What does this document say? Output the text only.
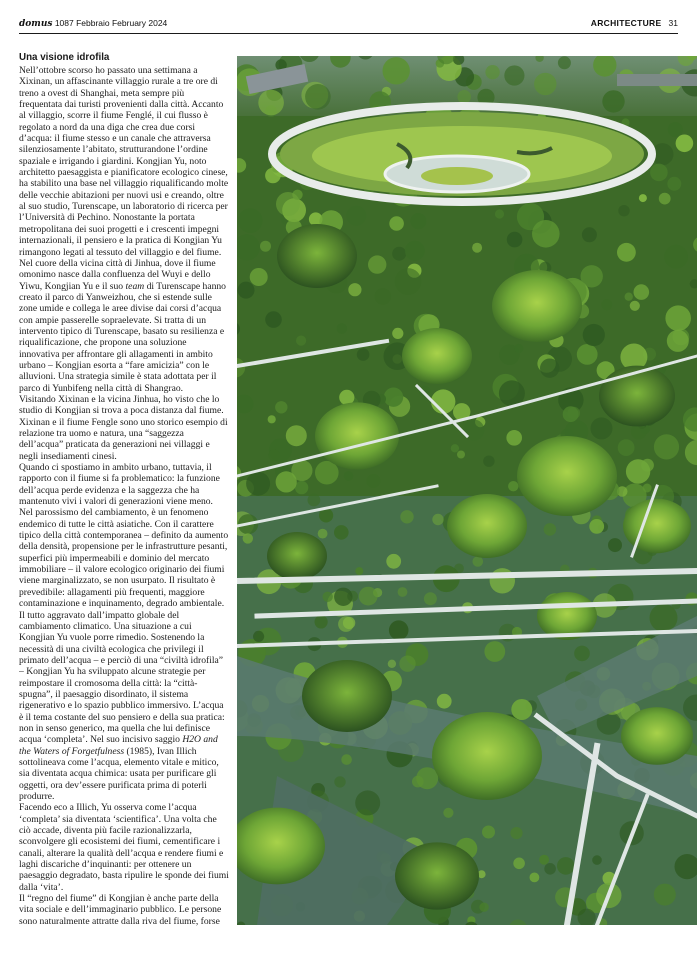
domus 1087 Febbraio February 2024	ARCHITECTURE 31
Una visione idrofila

Nell’ottobre scorso ho passato una settimana a Xixinan, un affascinante villaggio rurale a tre ore di treno a ovest di Shanghai, meta sempre più frequentata dai turisti provenienti dalla città. Accanto al villaggio, scorre il fiume Fenglé, il cui flusso è regolato a nord da una diga che crea due corsi d’acqua: il fiume stesso e un canale che attraversa silenziosamente l’abitato, strutturandone l’ordine spaziale e irrigando i giardini. Kongjian Yu, noto architetto paesaggista e pianificatore ecologico cinese, ha stabilito una base nel villaggio riqualificando molte delle vecchie abitazioni per nuovi usi e creando, oltre al suo studio, Turenscape, un laboratorio di ricerca per l’Università di Pechino. Nonostante la portata metropolitana dei suoi progetti e i crescenti impegni internazionali, il pensiero e la pratica di Kongjian Yu rimangono legati al tessuto del villaggio e del fiume.

Nel cuore della vicina città di Jinhua, dove il fiume omonimo nasce dalla confluenza del Wuyi e dello Yiwu, Kongjian Yu e il suo team di Turenscape hanno creato il parco di Yanweizhou, che si estende sulle zone umide e collega le aree divise dai corsi d’acqua con ampie passerelle sopraelevate. Si tratta di un intervento tipico di Turenscape, basato su resilienza e riqualificazione, che propone una soluzione innovativa per affrontare gli allagamenti in ambito urbano – Kongjian esorta a “fare amicizia” con le alluvioni. Una strategia simile è stata adottata per il parco di Yunbifeng nella città di Shangrao.

Visitando Xixinan e la vicina Jinhua, ho visto che lo studio di Kongjian si trova a poca distanza dal fiume. Xixinan e il fiume Fengle sono uno storico esempio di relazione tra uomo e natura, una “saggezza dell’acqua” praticata da generazioni nei villaggi e negli insediamenti cinesi.

Quando ci spostiamo in ambito urbano, tuttavia, il rapporto con il fiume si fa problematico: la funzione dell’acqua perde evidenza e la saggezza che ha mantenuto vivi i valori di generazioni viene meno. Nel parossismo del cambiamento, è un fenomeno endemico di tutte le città asiatiche. Con il carattere tipico della città contemporanea – definito da aumento della densità, propensione per le infrastrutture pesanti, superfici più impermeabili e dominio del mercato immobiliare – il valore ecologico originario dei fiumi viene marginalizzato, se non usurpato. Il risultato è prevedibile: allagamenti più frequenti, maggiore contaminazione e inquinamento, degrado ambientale. Il tutto aggravato dall’impatto globale del cambiamento climatico. Una situazione a cui Kongjian Yu vuole porre rimedio. Sostenendo la necessità di una civiltà ecologica che privilegi il primato dell’acqua – e perciò di una “civiltà idrofila” – Kongjian Yu ha sviluppato alcune strategie per reimpostare il cromosoma della città: la “città-spugna”, il paesaggio disordinato, il sistema rigenerativo e lo spazio pubblico immersivo. L’acqua è il tema costante del suo pensiero e della sua pratica: non in senso generico, ma quella che lui definisce acqua ‘completa’. Nel suo incisivo saggio H2O and the Waters of Forgetfulness (1985), Ivan Illich sottolineava come l’acqua, elemento vitale e mitico, sia diventata acqua chimica: usata per purificare gli oggetti, ora dev’essere purificata prima di poterli produrre.

Facendo eco a Illich, Yu osserva come l’acqua ‘completa’ sia diventata ‘scientifica’. Una volta che ciò accade, diventa più facile razionalizzarla, sconvolgere gli ecosistemi dei fiumi, cementificare i canali, alterare la qualità dell’acqua e rendere fiumi e laghi discariche d’inquinanti: per ottenere un paesaggio degradato, basta ripulire le sponde dei fiumi dalla ‘vita’.

Il “regno del fiume” di Kongjian è anche parte della vita sociale e dell’immaginario pubblico. Le persone sono naturalmente attratte dalla riva del fiume, forse
